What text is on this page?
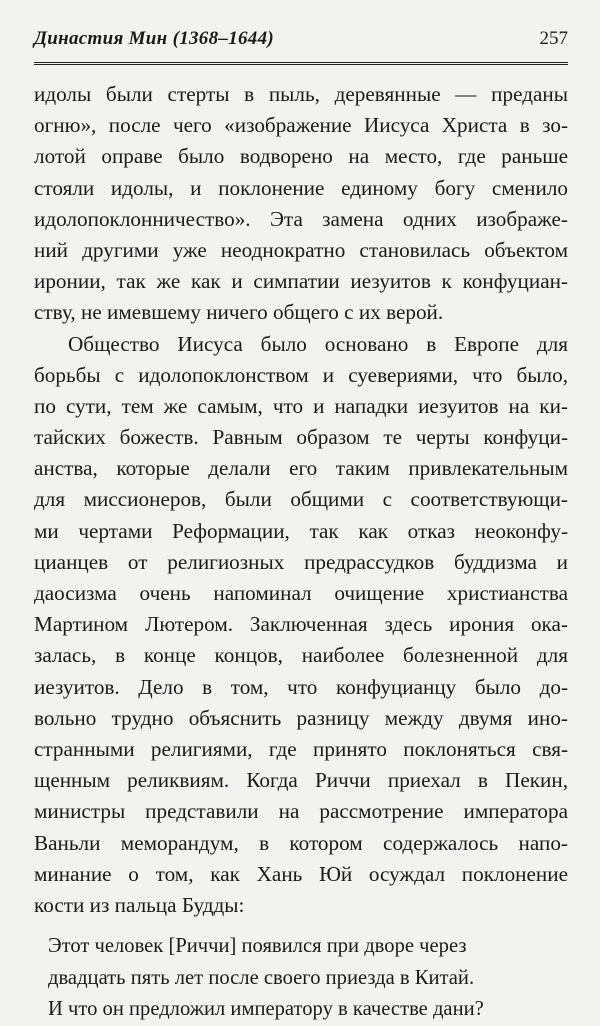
Династия Мин (1368–1644)	257
идолы были стерты в пыль, деревянные — преданы
огню», после чего «изображение Иисуса Христа в зо-
лотой оправе было водворено на место, где раньше
стояли идолы, и поклонение единому богу сменило
идолопоклонничество». Эта замена одних изображе-
ний другими уже неоднократно становилась объектом
иронии, так же как и симпатии иезуитов к конфуциан-
ству, не имевшему ничего общего с их верой.
Общество Иисуса было основано в Европе для
борьбы с идолопоклонством и суевериями, что было,
по сути, тем же самым, что и нападки иезуитов на ки-
тайских божеств. Равным образом те черты конфуци-
анства, которые делали его таким привлекательным
для миссионеров, были общими с соответствующи-
ми чертами Реформации, так как отказ неоконфу-
цианцев от религиозных предрассудков буддизма и
даосизма очень напоминал очищение христианства
Мартином Лютером. Заключенная здесь ирония ока-
залась, в конце концов, наиболее болезненной для
иезуитов. Дело в том, что конфуцианцу было до-
вольно трудно объяснить разницу между двумя ино-
странными религиями, где принято поклоняться свя-
щенным реликвиям. Когда Риччи приехал в Пекин,
министры представили на рассмотрение императора
Ваньли меморандум, в котором содержалось напо-
минание о том, как Хань Юй осуждал поклонение
кости из пальца Будды:
Этот человек [Риччи] появился при дворе через
двадцать пять лет после своего приезда в Китай.
И что он предложил императору в качестве дани?
